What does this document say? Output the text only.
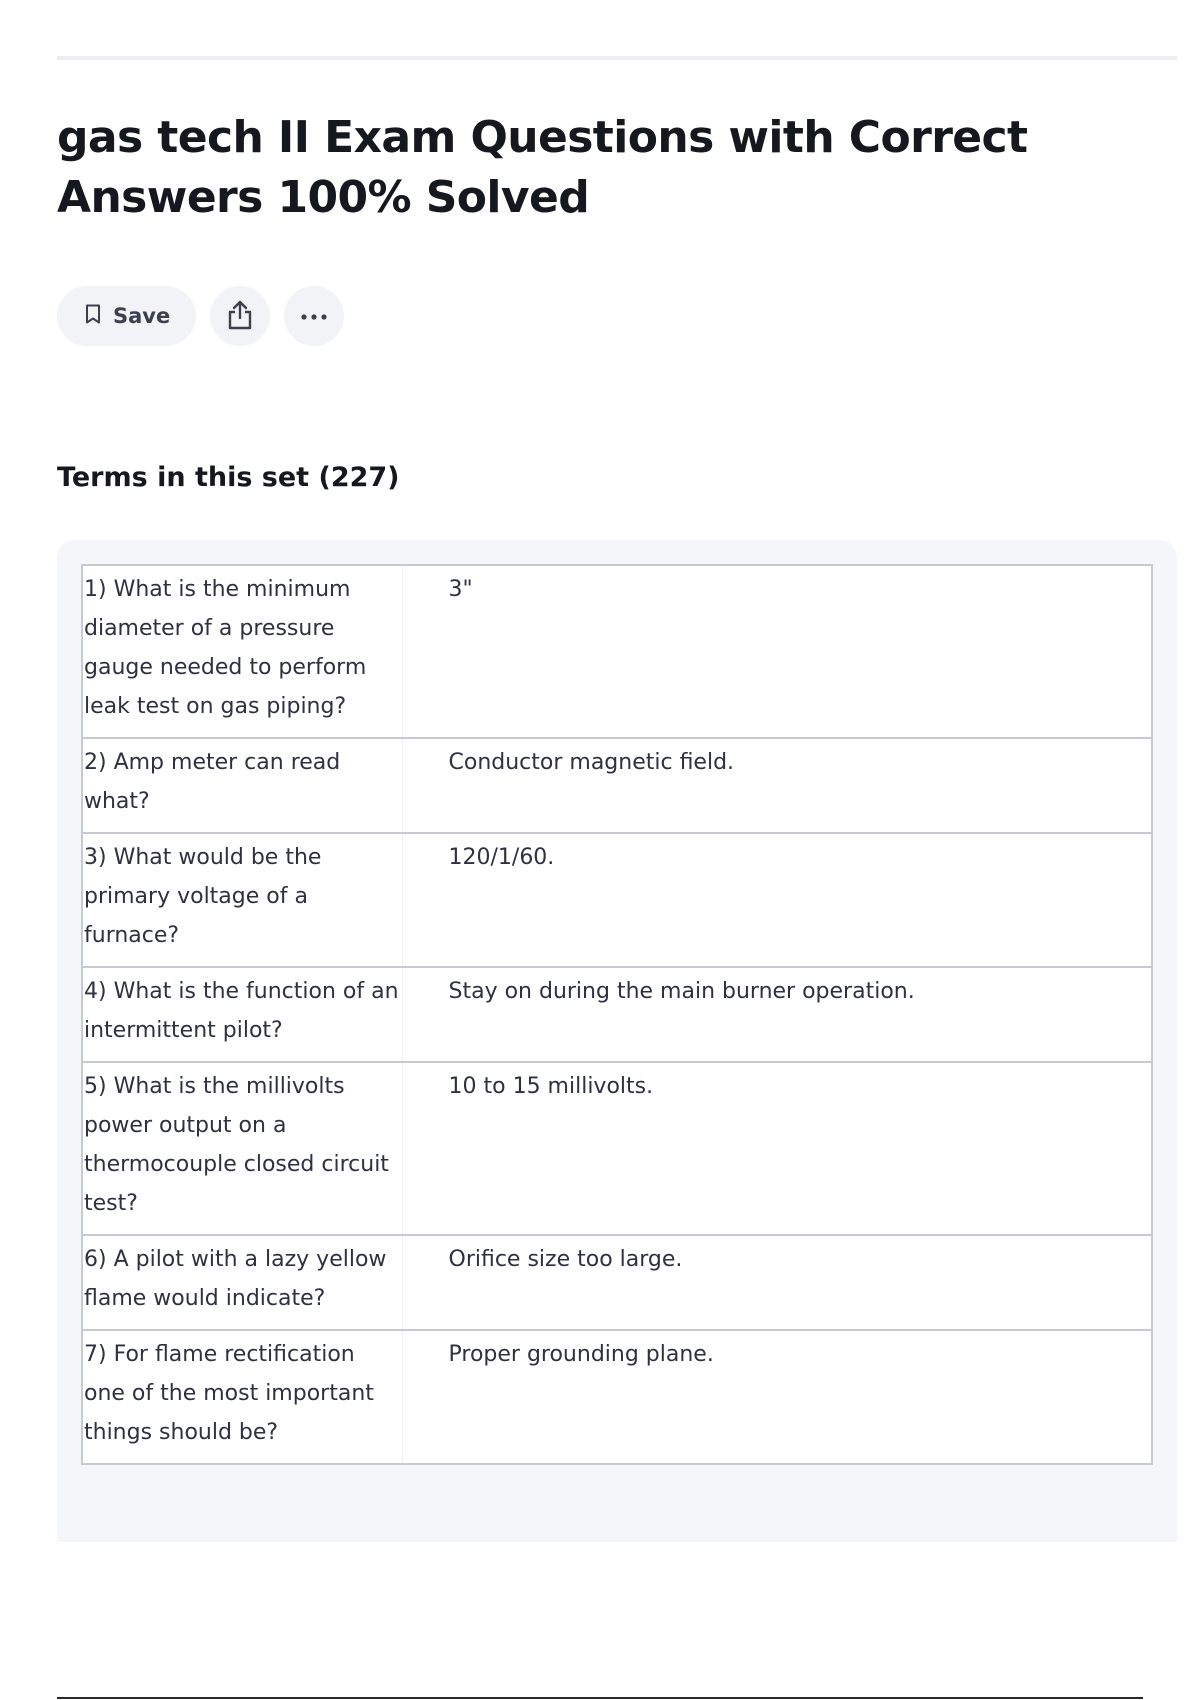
gas tech II Exam Questions with Correct Answers 100% Solved
Save
Terms in this set (227)
1) What is the minimum diameter of a pressure gauge needed to perform leak test on gas piping?	3"
2) Amp meter can read what?	Conductor magnetic field.
3) What would be the primary voltage of a furnace?	120/1/60.
4) What is the function of an intermittent pilot?	Stay on during the main burner operation.
5) What is the millivolts power output on a thermocouple closed circuit test?	10 to 15 millivolts.
6) A pilot with a lazy yellow flame would indicate?	Orifice size too large.
7) For flame rectification one of the most important things should be?	Proper grounding plane.
